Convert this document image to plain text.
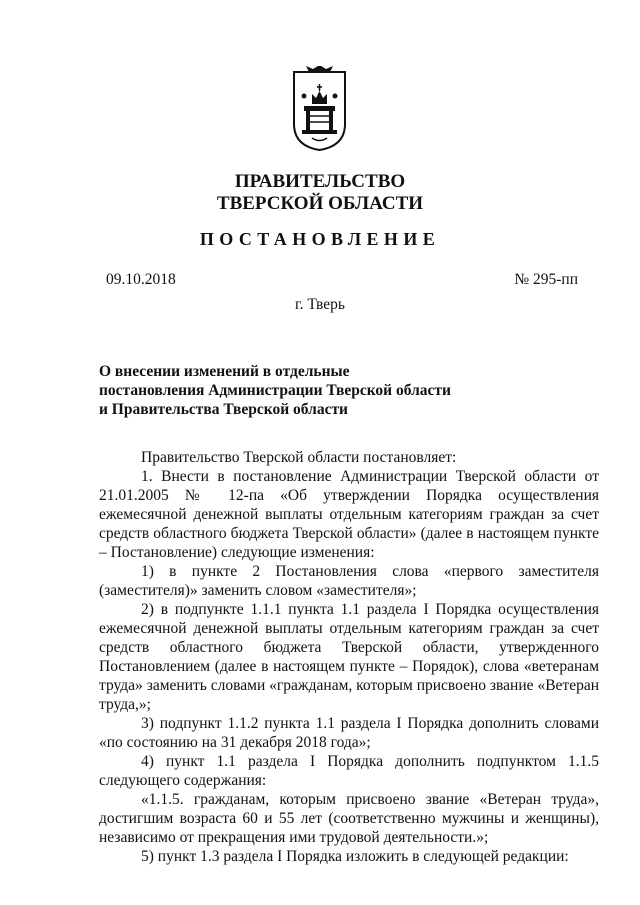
ПРАВИТЕЛЬСТВО
ТВЕРСКОЙ ОБЛАСТИ
ПОСТАНОВЛЕНИЕ
09.10.2018	№ 295-пп
г. Тверь
О внесении изменений в отдельные
постановления Администрации Тверской области
и Правительства Тверской области
Правительство Тверской области постановляет:
1. Внести в постановление Администрации Тверской области от 21.01.2005 № 12-па «Об утверждении Порядка осуществления ежемесячной денежной выплаты отдельным категориям граждан за счет средств областного бюджета Тверской области» (далее в настоящем пункте – Постановление) следующие изменения:
1) в пункте 2 Постановления слова «первого заместителя (заместителя)» заменить словом «заместителя»;
2) в подпункте 1.1.1 пункта 1.1 раздела I Порядка осуществления ежемесячной денежной выплаты отдельным категориям граждан за счет средств областного бюджета Тверской области, утвержденного Постановлением (далее в настоящем пункте – Порядок), слова «ветеранам труда» заменить словами «гражданам, которым присвоено звание «Ветеран труда,»;
3) подпункт 1.1.2 пункта 1.1 раздела I Порядка дополнить словами «по состоянию на 31 декабря 2018 года»;
4) пункт 1.1 раздела I Порядка дополнить подпунктом 1.1.5 следующего содержания:
«1.1.5. гражданам, которым присвоено звание «Ветеран труда», достигшим возраста 60 и 55 лет (соответственно мужчины и женщины), независимо от прекращения ими трудовой деятельности.»;
5) пункт 1.3 раздела I Порядка изложить в следующей редакции:
